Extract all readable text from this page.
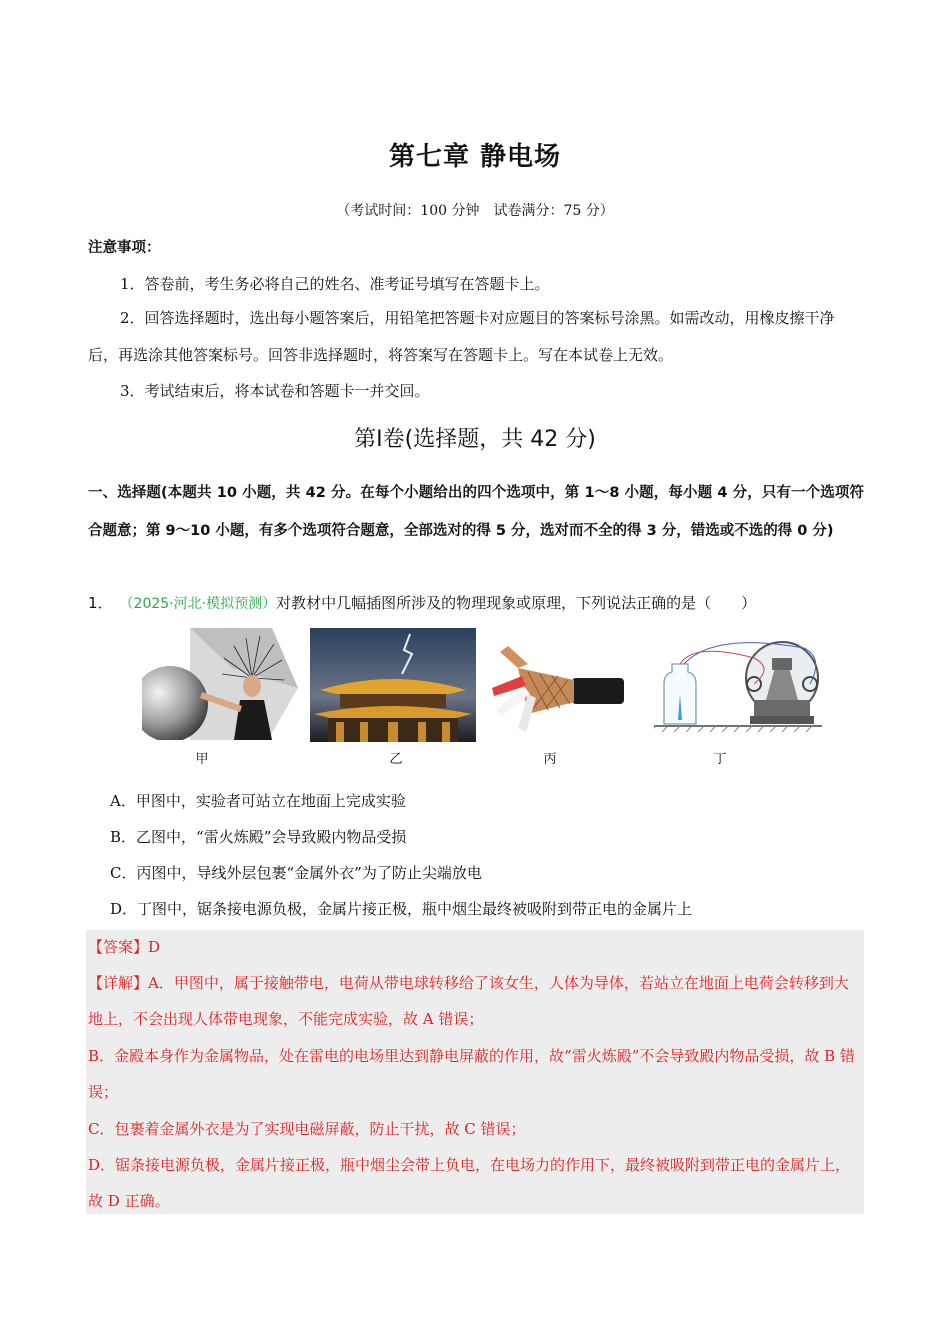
第七章 静电场
（考试时间：100 分钟　试卷满分：75 分）
注意事项：
1．答卷前，考生务必将自己的姓名、准考证号填写在答题卡上。
2．回答选择题时，选出每小题答案后，用铅笔把答题卡对应题目的答案标号涂黑。如需改动，用橡皮擦干净后，再选涂其他答案标号。回答非选择题时，将答案写在答题卡上。写在本试卷上无效。
3．考试结束后，将本试卷和答题卡一并交回。
第Ⅰ卷(选择题，共 42 分)
一、选择题(本题共 10 小题，共 42 分。在每个小题给出的四个选项中，第 1～8 小题，每小题 4 分，只有一个选项符合题意；第 9～10 小题，有多个选项符合题意，全部选对的得 5 分，选对而不全的得 3 分，错选或不选的得 0 分)
1． （2025·河北·模拟预测）对教材中几幅插图所涉及的物理现象或原理，下列说法正确的是（　　）
甲	乙	丙	丁
A．甲图中，实验者可站立在地面上完成实验
B．乙图中，“雷火炼殿”会导致殿内物品受损
C．丙图中，导线外层包裹“金属外衣”为了防止尖端放电
D．丁图中，锯条接电源负极，金属片接正极，瓶中烟尘最终被吸附到带正电的金属片上
【答案】D
【详解】A．甲图中，属于接触带电，电荷从带电球转移给了该女生，人体为导体，若站立在地面上电荷会转移到大地上，不会出现人体带电现象，不能完成实验，故 A 错误；
B．金殿本身作为金属物品，处在雷电的电场里达到静电屏蔽的作用，故“雷火炼殿”不会导致殿内物品受损，故 B 错误；
C．包裹着金属外衣是为了实现电磁屏蔽，防止干扰，故 C 错误；
D．锯条接电源负极，金属片接正极，瓶中烟尘会带上负电，在电场力的作用下，最终被吸附到带正电的金属片上，故 D 正确。
